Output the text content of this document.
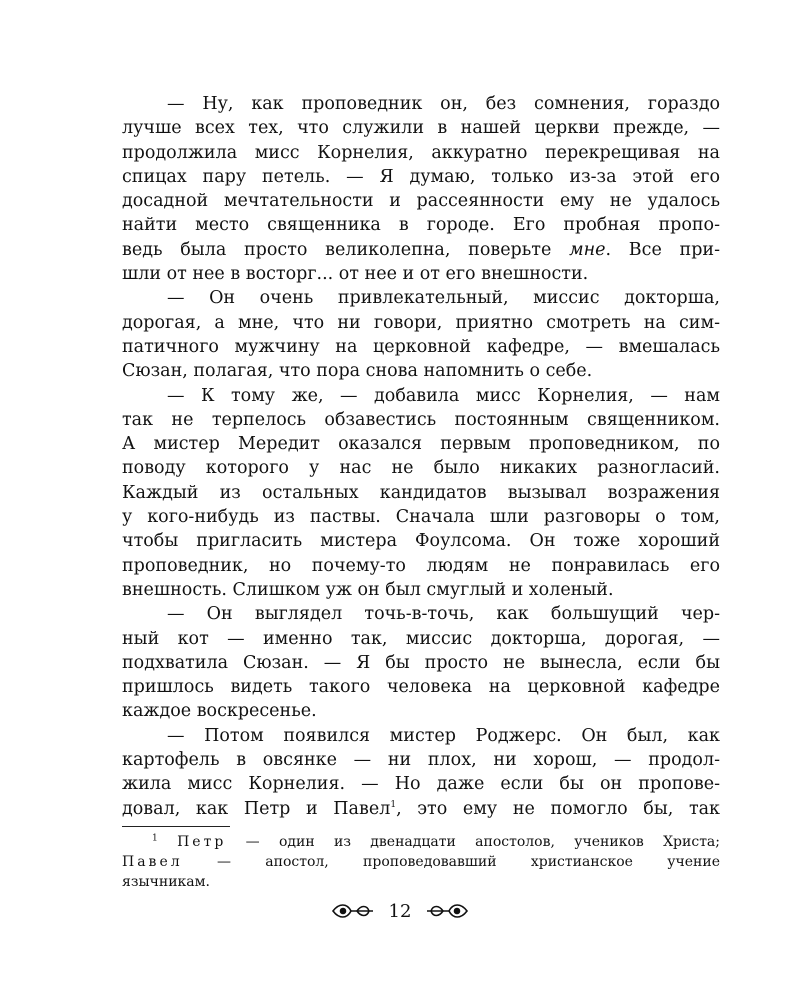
— Ну, как проповедник он, без сомнения, гораздо
лучше всех тех, что служили в нашей церкви прежде, —
продолжила мисс Корнелия, аккуратно перекрещивая на
спицах пару петель. — Я думаю, только из-за этой его
досадной мечтательности и рассеянности ему не удалось
найти место священника в городе. Его пробная пропо-
ведь была просто великолепна, поверьте мне. Все при-
шли от нее в восторг... от нее и от его внешности.
— Он очень привлекательный, миссис докторша,
дорогая, а мне, что ни говори, приятно смотреть на сим-
патичного мужчину на церковной кафедре, — вмешалась
Сюзан, полагая, что пора снова напомнить о себе.
— К тому же, — добавила мисс Корнелия, — нам
так не терпелось обзавестись постоянным священником.
А мистер Мередит оказался первым проповедником, по
поводу которого у нас не было никаких разногласий.
Каждый из остальных кандидатов вызывал возражения
у кого-нибудь из паствы. Сначала шли разговоры о том,
чтобы пригласить мистера Фоулсома. Он тоже хороший
проповедник, но почему-то людям не понравилась его
внешность. Слишком уж он был смуглый и холеный.
— Он выглядел точь-в-точь, как большущий чер-
ный кот — именно так, миссис докторша, дорогая, —
подхватила Сюзан. — Я бы просто не вынесла, если бы
пришлось видеть такого человека на церковной кафедре
каждое воскресенье.
— Потом появился мистер Роджерс. Он был, как
картофель в овсянке — ни плох, ни хорош, — продол-
жила мисс Корнелия. — Но даже если бы он пропове-
довал, как Петр и Павел$^1$, это ему не помогло бы, так
$^1$ Петр — один из двенадцати апостолов, учеников Христа;
Павел — апостол, проповедовавший христианское учение
язычникам.
12
